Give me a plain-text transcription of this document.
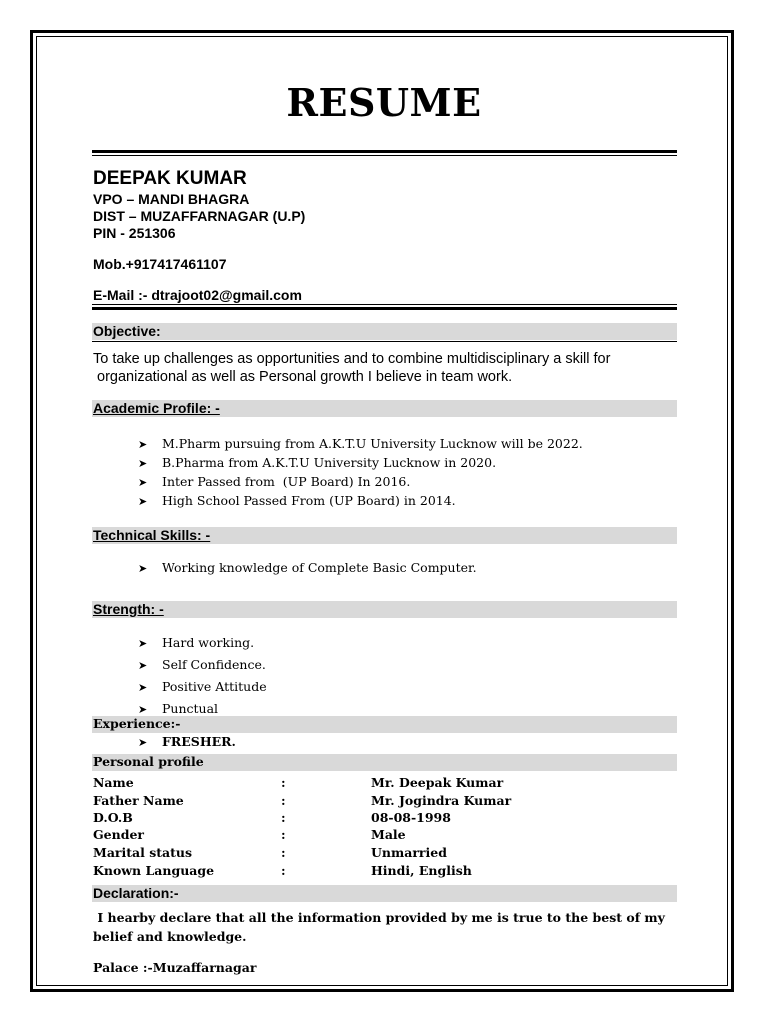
RESUME
DEEPAK KUMAR
VPO – MANDI BHAGRA
DIST – MUZAFFARNAGAR (U.P)
PIN - 251306
Mob.+917417461107
E-Mail :- dtrajoot02@gmail.com
Objective:
To take up challenges as opportunities and to combine multidisciplinary a skill for
organizational as well as Personal growth I believe in team work.
Academic Profile: -
➤ M.Pharm pursuing from A.K.T.U University Lucknow will be 2022.
➤ B.Pharma from A.K.T.U University Lucknow in 2020.
➤ Inter Passed from  (UP Board) In 2016.
➤ High School Passed From (UP Board) in 2014.
Technical Skills: -
➤ Working knowledge of Complete Basic Computer.
Strength: -
➤ Hard working.
➤ Self Confidence.
➤ Positive Attitude
➤ Punctual
Experience:-
➤ FRESHER.
Personal profile
Name	:	Mr. Deepak Kumar
Father Name	:	Mr. Jogindra Kumar
D.O.B	:	08-08-1998
Gender	:	Male
Marital status	:	Unmarried
Known Language	:	Hindi, English
Declaration:-
I hearby declare that all the information provided by me is true to the best of my
belief and knowledge.
Palace :-Muzaffarnagar
